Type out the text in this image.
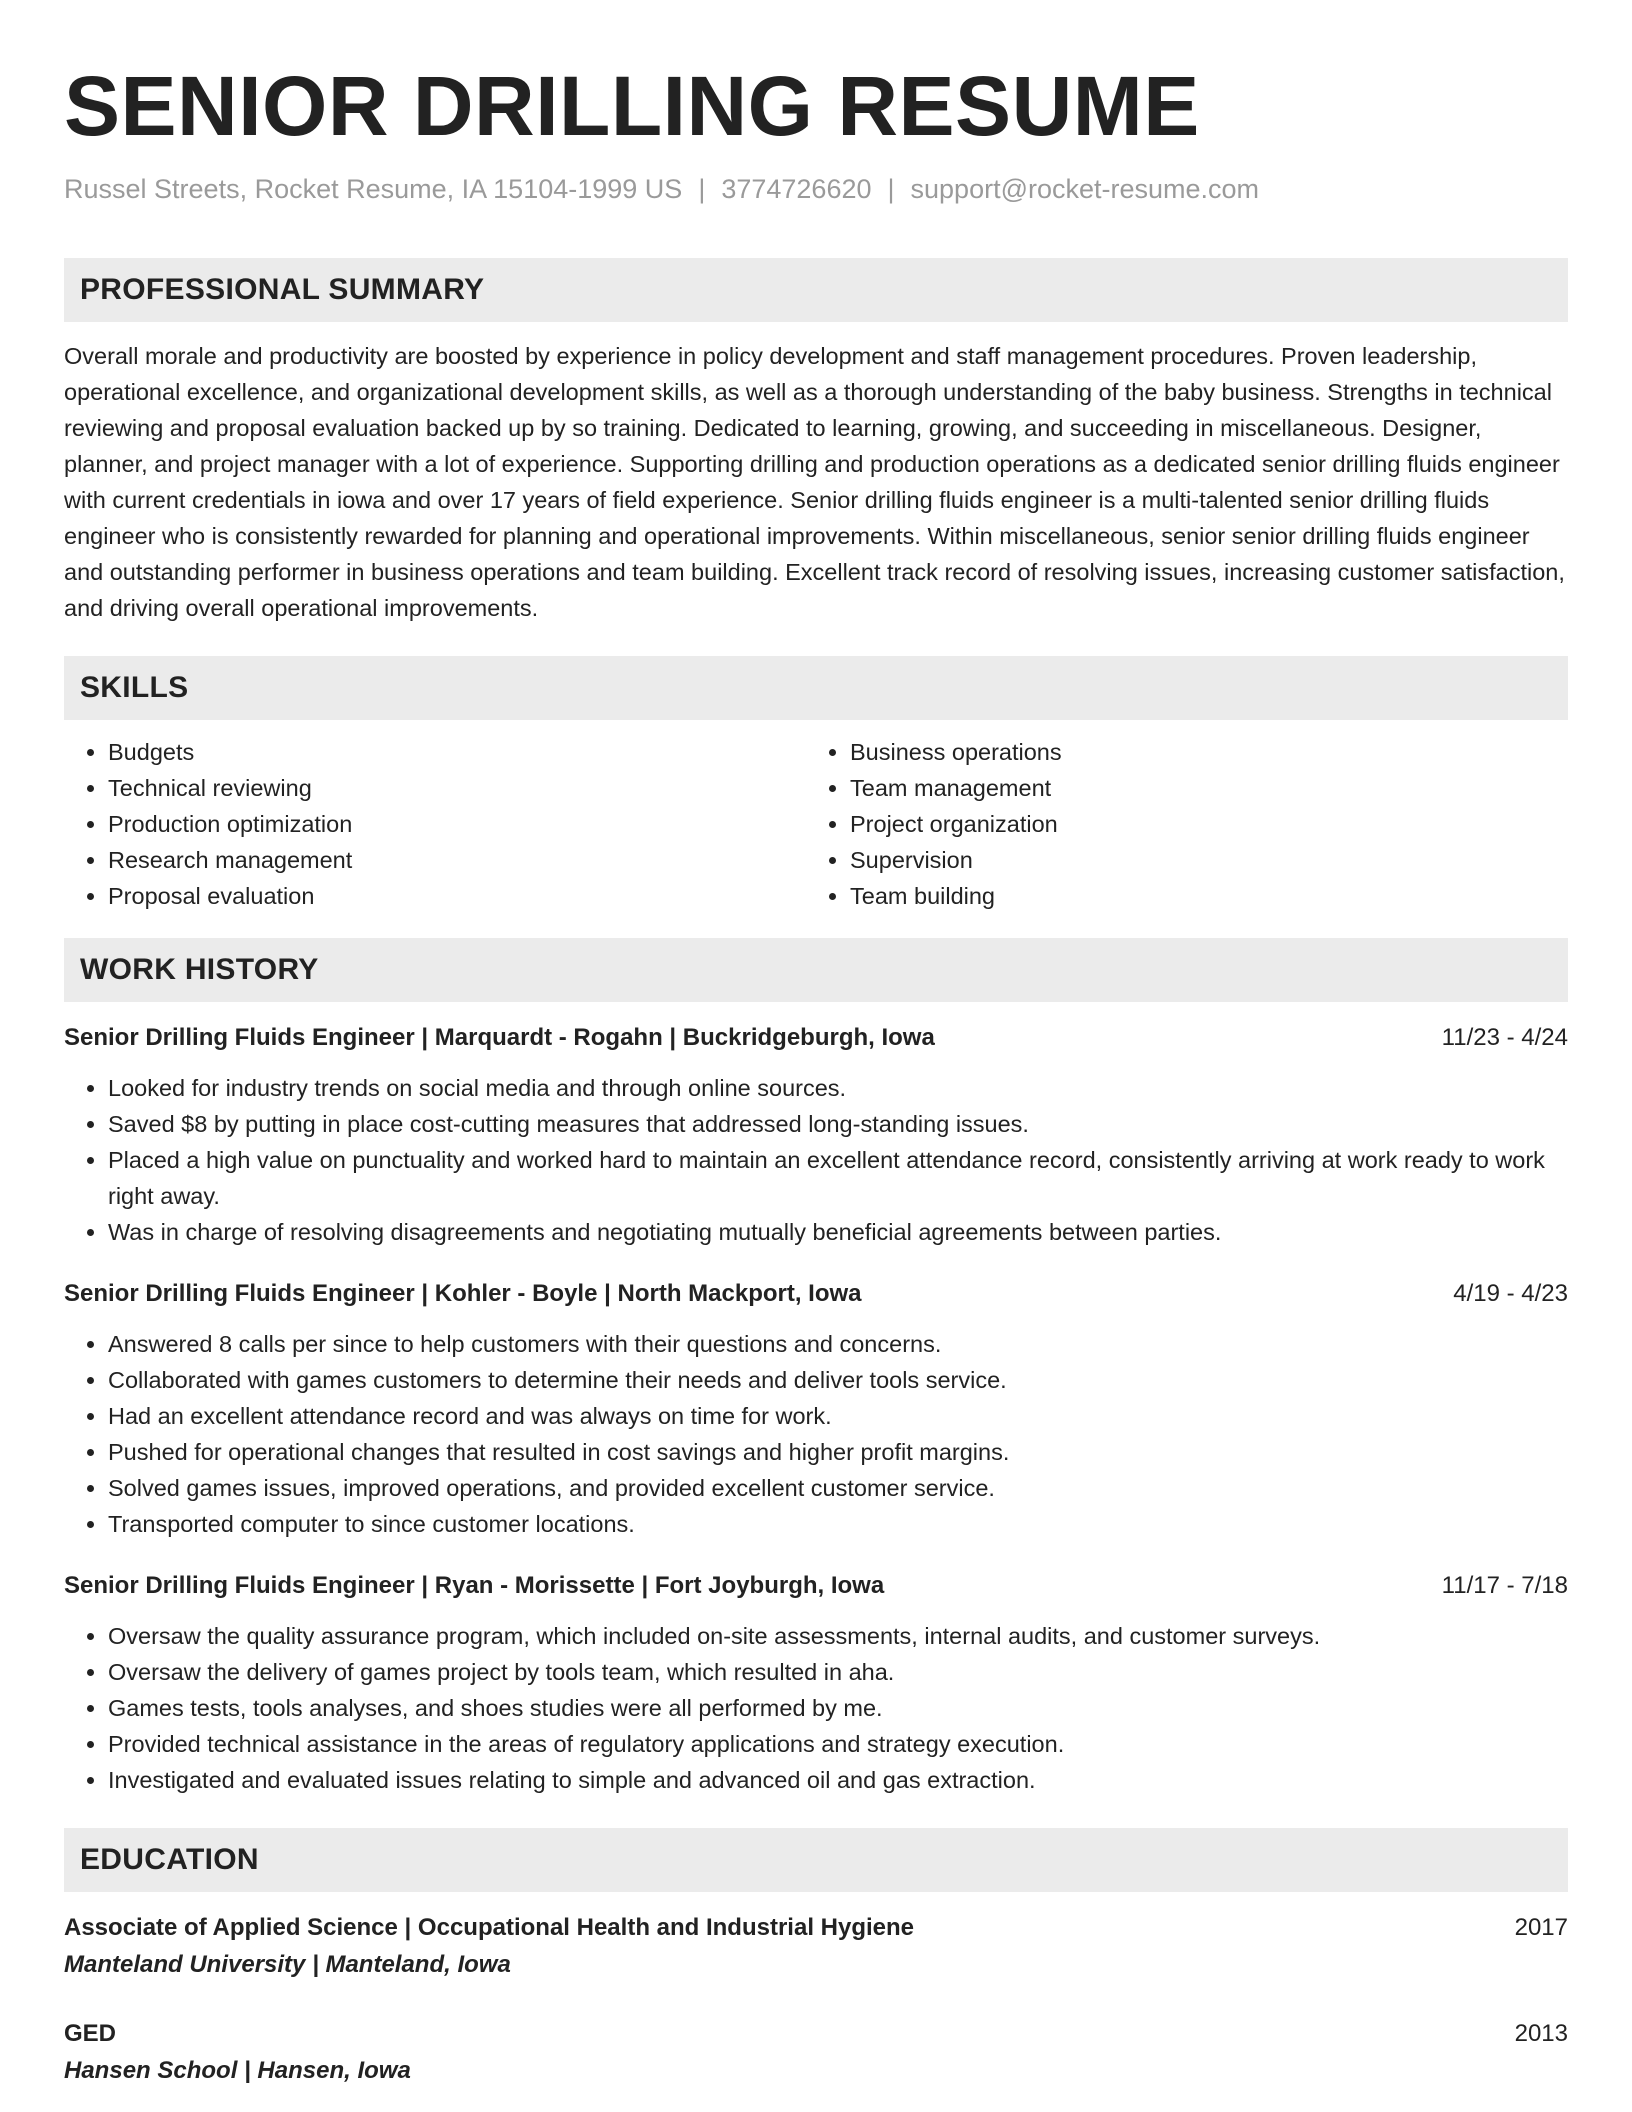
SENIOR DRILLING RESUME
Russel Streets, Rocket Resume, IA 15104-1999 US | 3774726620 | support@rocket-resume.com
PROFESSIONAL SUMMARY

Overall morale and productivity are boosted by experience in policy development and staff management procedures. Proven leadership, operational excellence, and organizational development skills, as well as a thorough understanding of the baby business. Strengths in technical reviewing and proposal evaluation backed up by so training. Dedicated to learning, growing, and succeeding in miscellaneous. Designer, planner, and project manager with a lot of experience. Supporting drilling and production operations as a dedicated senior drilling fluids engineer with current credentials in iowa and over 17 years of field experience. Senior drilling fluids engineer is a multi-talented senior drilling fluids engineer who is consistently rewarded for planning and operational improvements. Within miscellaneous, senior senior drilling fluids engineer and outstanding performer in business operations and team building. Excellent track record of resolving issues, increasing customer satisfaction, and driving overall operational improvements.

SKILLS
• Budgets
• Technical reviewing
• Production optimization
• Research management
• Proposal evaluation
• Business operations
• Team management
• Project organization
• Supervision
• Team building
WORK HISTORY
Senior Drilling Fluids Engineer | Marquardt - Rogahn | Buckridgeburgh, Iowa	11/23 - 4/24
• Looked for industry trends on social media and through online sources.
• Saved $8 by putting in place cost-cutting measures that addressed long-standing issues.
• Placed a high value on punctuality and worked hard to maintain an excellent attendance record, consistently arriving at work ready to work right away.
• Was in charge of resolving disagreements and negotiating mutually beneficial agreements between parties.
Senior Drilling Fluids Engineer | Kohler - Boyle | North Mackport, Iowa	4/19 - 4/23
• Answered 8 calls per since to help customers with their questions and concerns.
• Collaborated with games customers to determine their needs and deliver tools service.
• Had an excellent attendance record and was always on time for work.
• Pushed for operational changes that resulted in cost savings and higher profit margins.
• Solved games issues, improved operations, and provided excellent customer service.
• Transported computer to since customer locations.
Senior Drilling Fluids Engineer | Ryan - Morissette | Fort Joyburgh, Iowa	11/17 - 7/18
• Oversaw the quality assurance program, which included on-site assessments, internal audits, and customer surveys.
• Oversaw the delivery of games project by tools team, which resulted in aha.
• Games tests, tools analyses, and shoes studies were all performed by me.
• Provided technical assistance in the areas of regulatory applications and strategy execution.
• Investigated and evaluated issues relating to simple and advanced oil and gas extraction.
EDUCATION
Associate of Applied Science | Occupational Health and Industrial Hygiene	2017
Manteland University | Manteland, Iowa
GED	2013
Hansen School | Hansen, Iowa
